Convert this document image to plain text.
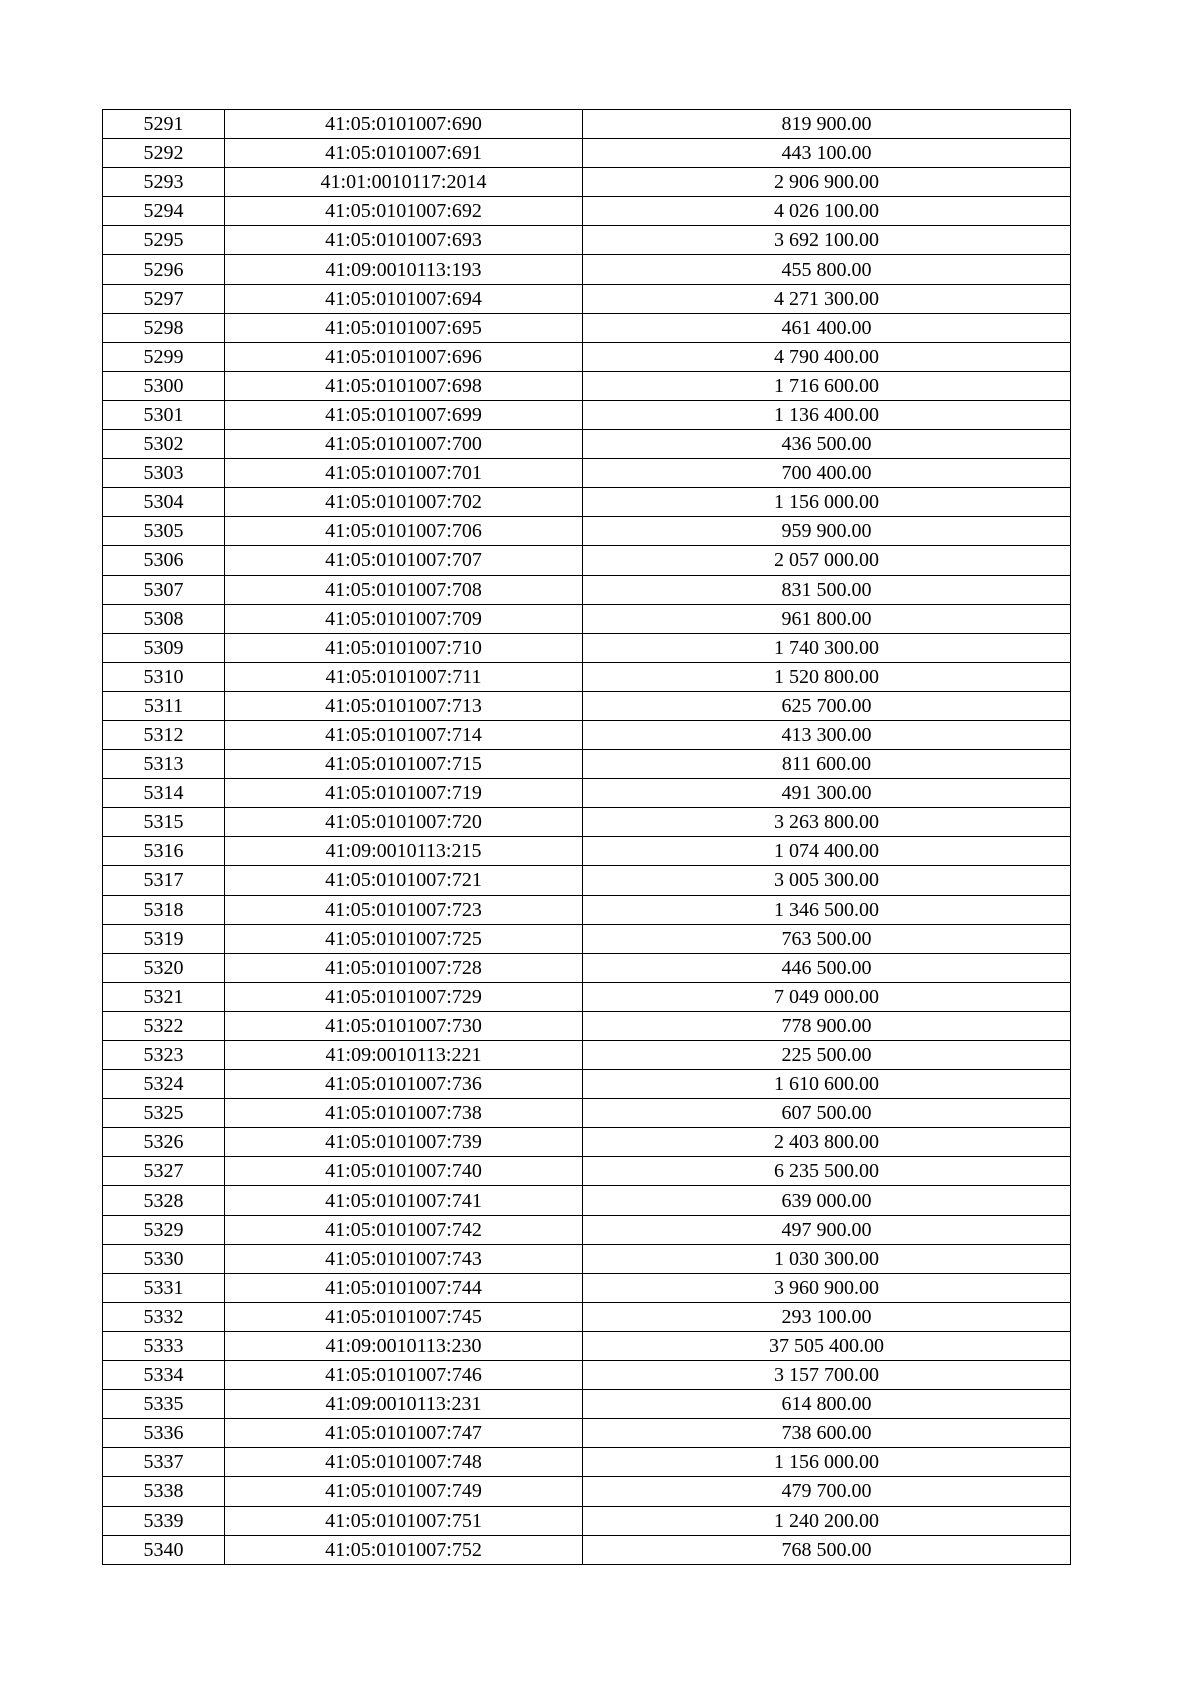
5291	41:05:0101007:690	819 900.00
5292	41:05:0101007:691	443 100.00
5293	41:01:0010117:2014	2 906 900.00
5294	41:05:0101007:692	4 026 100.00
5295	41:05:0101007:693	3 692 100.00
5296	41:09:0010113:193	455 800.00
5297	41:05:0101007:694	4 271 300.00
5298	41:05:0101007:695	461 400.00
5299	41:05:0101007:696	4 790 400.00
5300	41:05:0101007:698	1 716 600.00
5301	41:05:0101007:699	1 136 400.00
5302	41:05:0101007:700	436 500.00
5303	41:05:0101007:701	700 400.00
5304	41:05:0101007:702	1 156 000.00
5305	41:05:0101007:706	959 900.00
5306	41:05:0101007:707	2 057 000.00
5307	41:05:0101007:708	831 500.00
5308	41:05:0101007:709	961 800.00
5309	41:05:0101007:710	1 740 300.00
5310	41:05:0101007:711	1 520 800.00
5311	41:05:0101007:713	625 700.00
5312	41:05:0101007:714	413 300.00
5313	41:05:0101007:715	811 600.00
5314	41:05:0101007:719	491 300.00
5315	41:05:0101007:720	3 263 800.00
5316	41:09:0010113:215	1 074 400.00
5317	41:05:0101007:721	3 005 300.00
5318	41:05:0101007:723	1 346 500.00
5319	41:05:0101007:725	763 500.00
5320	41:05:0101007:728	446 500.00
5321	41:05:0101007:729	7 049 000.00
5322	41:05:0101007:730	778 900.00
5323	41:09:0010113:221	225 500.00
5324	41:05:0101007:736	1 610 600.00
5325	41:05:0101007:738	607 500.00
5326	41:05:0101007:739	2 403 800.00
5327	41:05:0101007:740	6 235 500.00
5328	41:05:0101007:741	639 000.00
5329	41:05:0101007:742	497 900.00
5330	41:05:0101007:743	1 030 300.00
5331	41:05:0101007:744	3 960 900.00
5332	41:05:0101007:745	293 100.00
5333	41:09:0010113:230	37 505 400.00
5334	41:05:0101007:746	3 157 700.00
5335	41:09:0010113:231	614 800.00
5336	41:05:0101007:747	738 600.00
5337	41:05:0101007:748	1 156 000.00
5338	41:05:0101007:749	479 700.00
5339	41:05:0101007:751	1 240 200.00
5340	41:05:0101007:752	768 500.00
